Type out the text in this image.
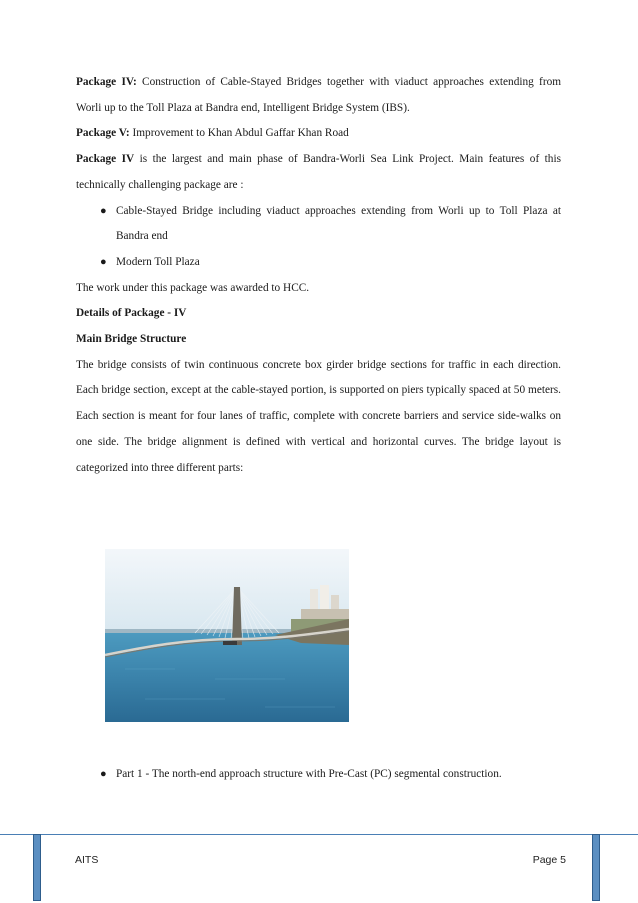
Package IV: Construction of Cable-Stayed Bridges together with viaduct approaches extending from Worli up to the Toll Plaza at Bandra end, Intelligent Bridge System (IBS).

Package V: Improvement to Khan Abdul Gaffar Khan Road

Package IV is the largest and main phase of Bandra-Worli Sea Link Project. Main features of this technically challenging package are :

● Cable-Stayed Bridge including viaduct approaches extending from Worli up to Toll Plaza at Bandra end

● Modern Toll Plaza

The work under this package was awarded to HCC.

Details of Package - IV

Main Bridge Structure

The bridge consists of twin continuous concrete box girder bridge sections for traffic in each direction. Each bridge section, except at the cable-stayed portion, is supported on piers typically spaced at 50 meters. Each section is meant for four lanes of traffic, complete with concrete barriers and service side-walks on one side. The bridge alignment is defined with vertical and horizontal curves. The bridge layout is categorized into three different parts:

● Part 1 - The north-end approach structure with Pre-Cast (PC) segmental construction.

AITS	Page 5
